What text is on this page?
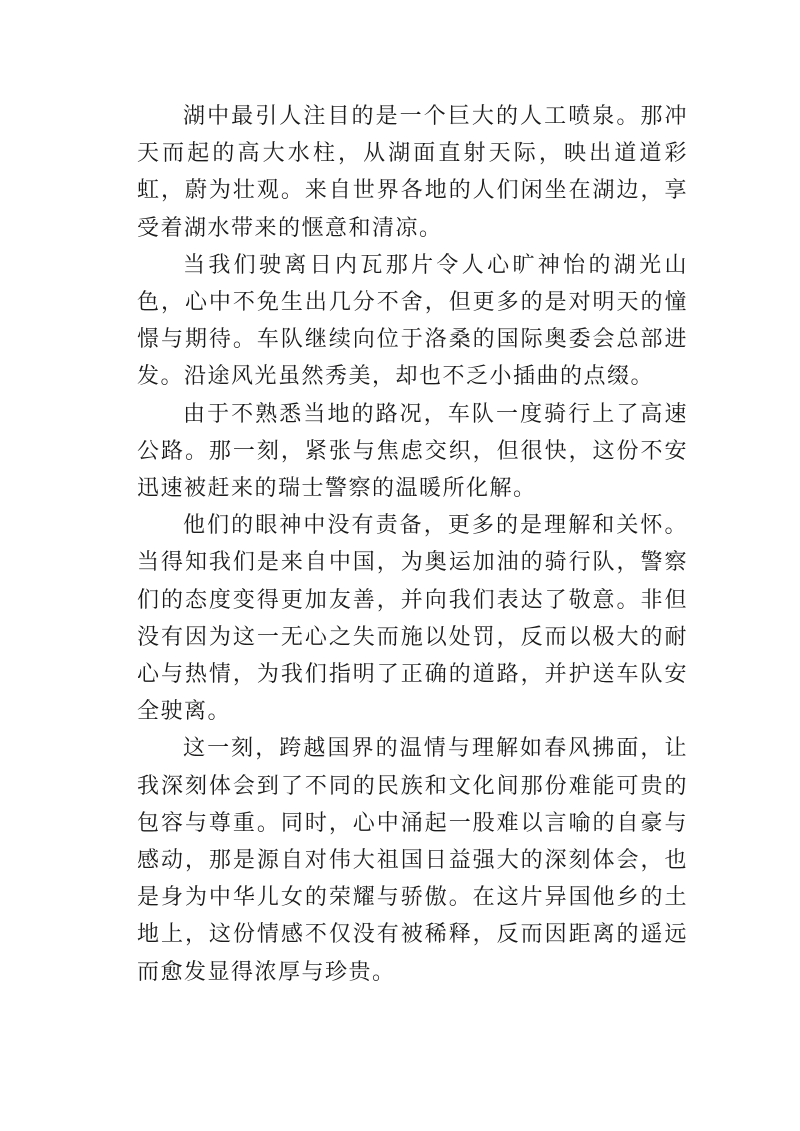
湖中最引人注目的是一个巨大的人工喷泉。那冲天而起的高大水柱，从湖面直射天际，映出道道彩虹，蔚为壮观。来自世界各地的人们闲坐在湖边，享受着湖水带来的惬意和清凉。

当我们驶离日内瓦那片令人心旷神怡的湖光山色，心中不免生出几分不舍，但更多的是对明天的憧憬与期待。车队继续向位于洛桑的国际奥委会总部进发。沿途风光虽然秀美，却也不乏小插曲的点缀。

由于不熟悉当地的路况，车队一度骑行上了高速公路。那一刻，紧张与焦虑交织，但很快，这份不安迅速被赶来的瑞士警察的温暖所化解。

他们的眼神中没有责备，更多的是理解和关怀。当得知我们是来自中国，为奥运加油的骑行队，警察们的态度变得更加友善，并向我们表达了敬意。非但没有因为这一无心之失而施以处罚，反而以极大的耐心与热情，为我们指明了正确的道路，并护送车队安全驶离。

这一刻，跨越国界的温情与理解如春风拂面，让我深刻体会到了不同的民族和文化间那份难能可贵的包容与尊重。同时，心中涌起一股难以言喻的自豪与感动，那是源自对伟大祖国日益强大的深刻体会，也是身为中华儿女的荣耀与骄傲。在这片异国他乡的土地上，这份情感不仅没有被稀释，反而因距离的遥远而愈发显得浓厚与珍贵。
